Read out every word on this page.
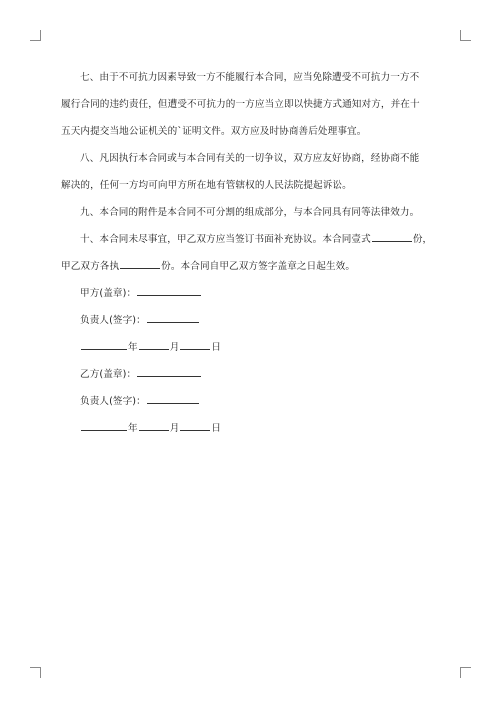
七、由于不可抗力因素导致一方不能履行本合同，应当免除遭受不可抗力一方不

履行合同的违约责任，但遭受不可抗力的一方应当立即以快捷方式通知对方，并在十

五天内提交当地公证机关的`证明文件。双方应及时协商善后处理事宜。

八、凡因执行本合同或与本合同有关的一切争议，双方应友好协商，经协商不能

解决的，任何一方均可向甲方所在地有管辖权的人民法院提起诉讼。

九、本合同的附件是本合同不可分割的组成部分，与本合同具有同等法律效力。

十、本合同未尽事宜，甲乙双方应当签订书面补充协议。本合同壹式	份，

甲乙双方各执	份。本合同自甲乙双方签字盖章之日起生效。

甲方(盖章)：

负责人(签字)：

年	月	日

乙方(盖章)：

负责人(签字)：

年	月	日
